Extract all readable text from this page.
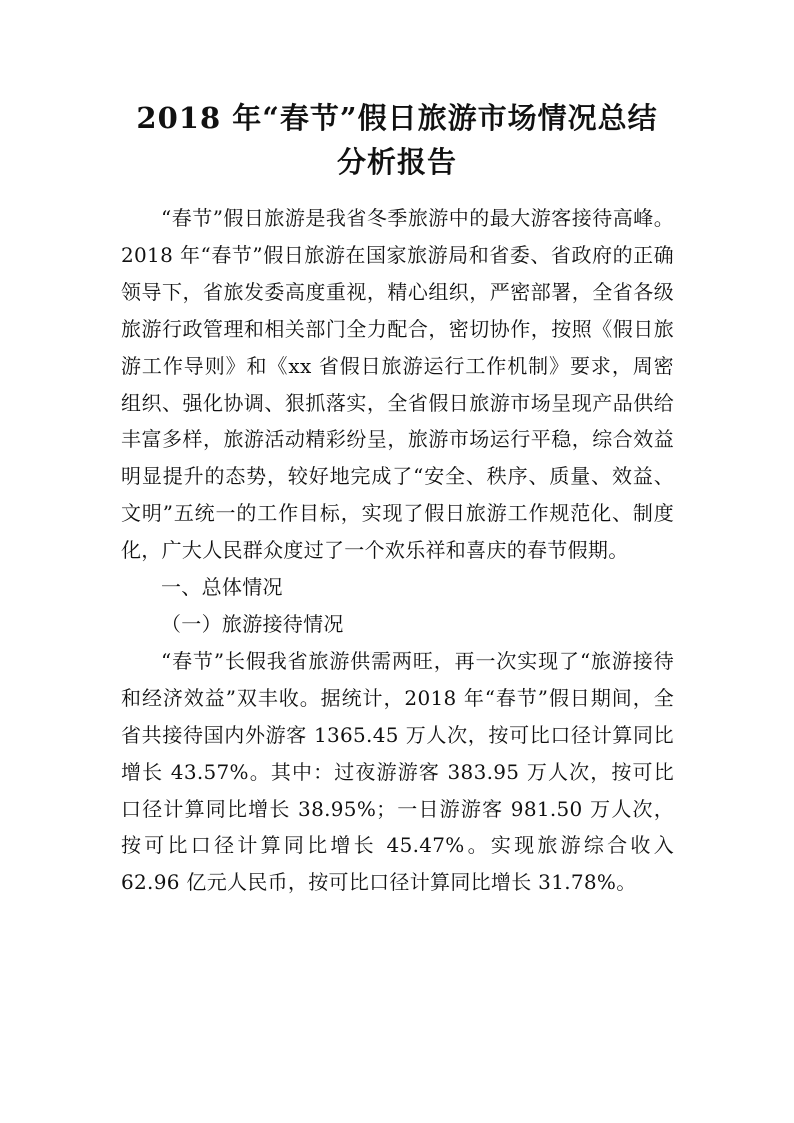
2018 年“春节”假日旅游市场情况总结
分析报告

“春节”假日旅游是我省冬季旅游中的最大游客接待高峰。2018 年“春节”假日旅游在国家旅游局和省委、省政府的正确领导下，省旅发委高度重视，精心组织，严密部署，全省各级旅游行政管理和相关部门全力配合，密切协作，按照《假日旅游工作导则》和《xx 省假日旅游运行工作机制》要求，周密组织、强化协调、狠抓落实，全省假日旅游市场呈现产品供给丰富多样，旅游活动精彩纷呈，旅游市场运行平稳，综合效益明显提升的态势，较好地完成了“安全、秩序、质量、效益、文明”五统一的工作目标，实现了假日旅游工作规范化、制度化，广大人民群众度过了一个欢乐祥和喜庆的春节假期。

一、总体情况

（一）旅游接待情况

“春节”长假我省旅游供需两旺，再一次实现了“旅游接待和经济效益”双丰收。据统计，2018 年“春节”假日期间，全省共接待国内外游客 1365.45 万人次，按可比口径计算同比增长 43.57%。其中：过夜游游客 383.95 万人次，按可比口径计算同比增长 38.95%；一日游游客 981.50 万人次，按可比口径计算同比增长 45.47%。实现旅游综合收入 62.96 亿元人民币，按可比口径计算同比增长 31.78%。
